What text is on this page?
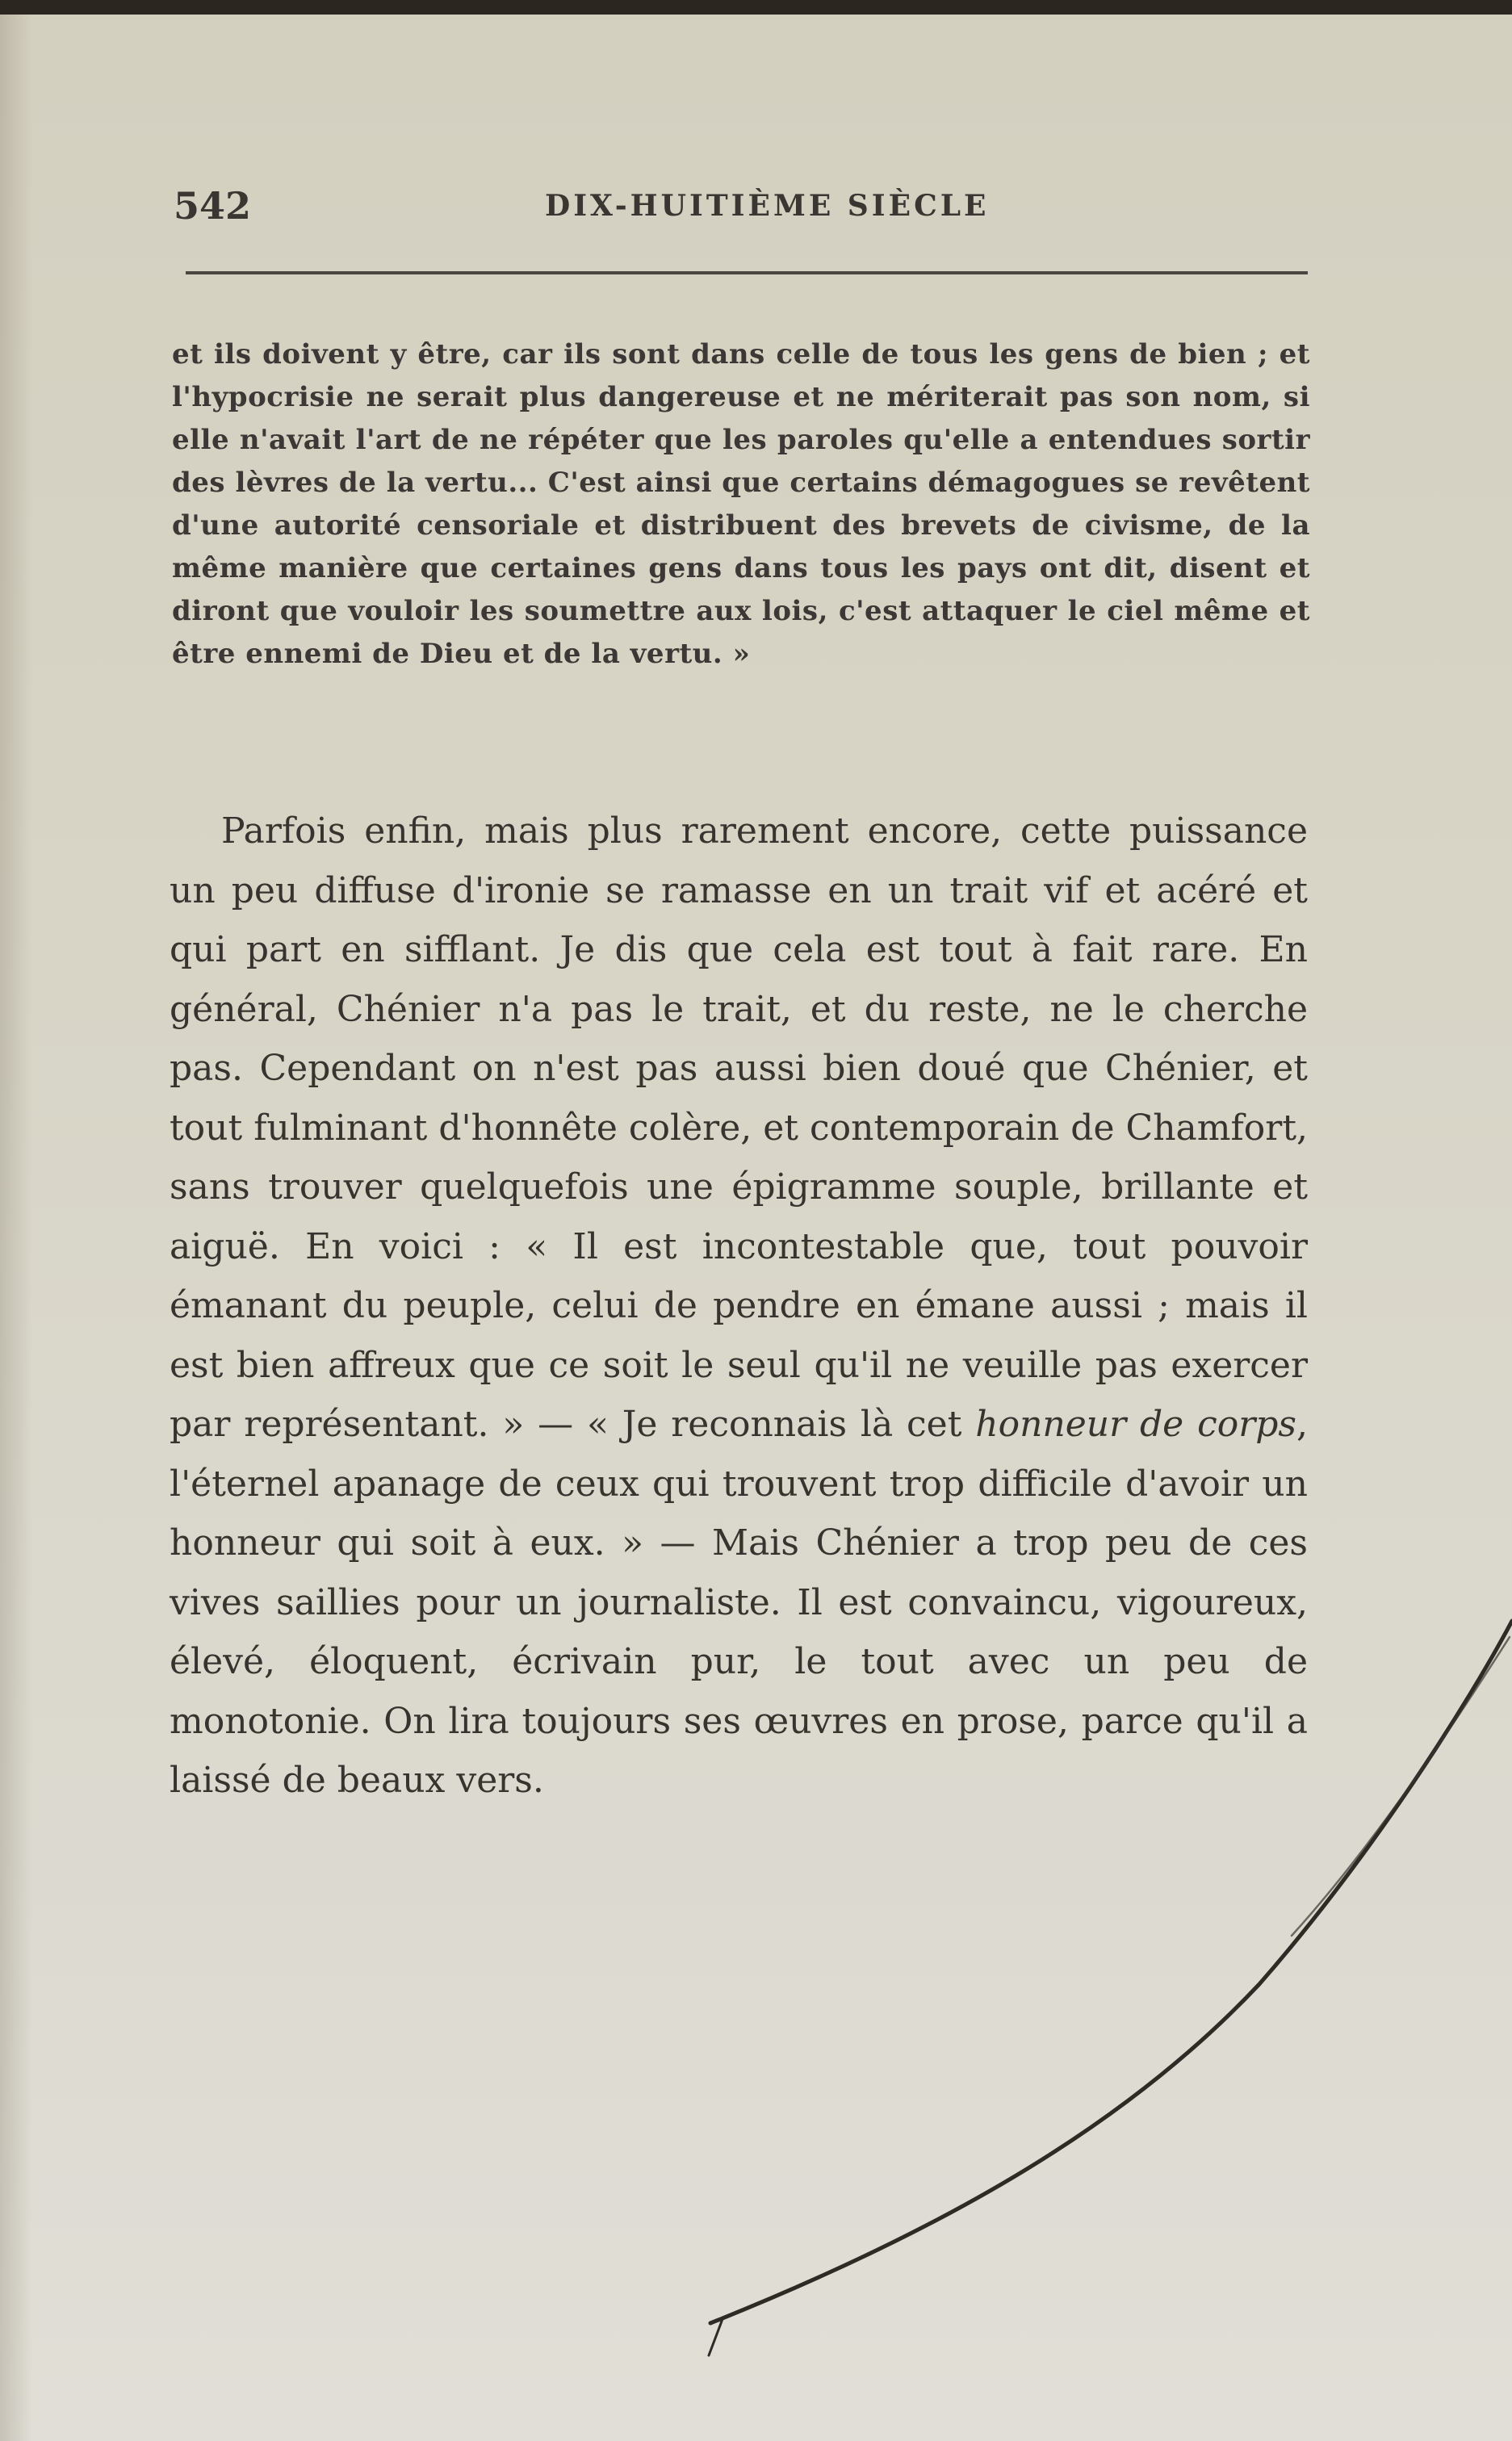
542	DIX-HUITIÈME SIÈCLE
et ils doivent y être, car ils sont dans celle de tous les gens de bien ; et l'hypocrisie ne serait plus dangereuse et ne mériterait pas son nom, si elle n'avait l'art de ne répéter que les paroles qu'elle a entendues sortir des lèvres de la vertu... C'est ainsi que certains démagogues se revêtent d'une autorité censoriale et distribuent des brevets de civisme, de la même manière que certaines gens dans tous les pays ont dit, disent et diront que vouloir les soumettre aux lois, c'est attaquer le ciel même et être ennemi de Dieu et de la vertu. »

Parfois enfin, mais plus rarement encore, cette puissance un peu diffuse d'ironie se ramasse en un trait vif et acéré et qui part en sifflant. Je dis que cela est tout à fait rare. En général, Chénier n'a pas le trait, et du reste, ne le cherche pas. Cependant on n'est pas aussi bien doué que Chénier, et tout fulminant d'honnête colère, et contemporain de Chamfort, sans trouver quelquefois une épigramme souple, brillante et aiguë. En voici : « Il est incontestable que, tout pouvoir émanant du peuple, celui de pendre en émane aussi ; mais il est bien affreux que ce soit le seul qu'il ne veuille pas exercer par représentant. » — « Je reconnais là cet honneur de corps, l'éternel apanage de ceux qui trouvent trop difficile d'avoir un honneur qui soit à eux. » — Mais Chénier a trop peu de ces vives saillies pour un journaliste. Il est convaincu, vigoureux, élevé, éloquent, écrivain pur, le tout avec un peu de monotonie. On lira toujours ses œuvres en prose, parce qu'il a laissé de beaux vers.
